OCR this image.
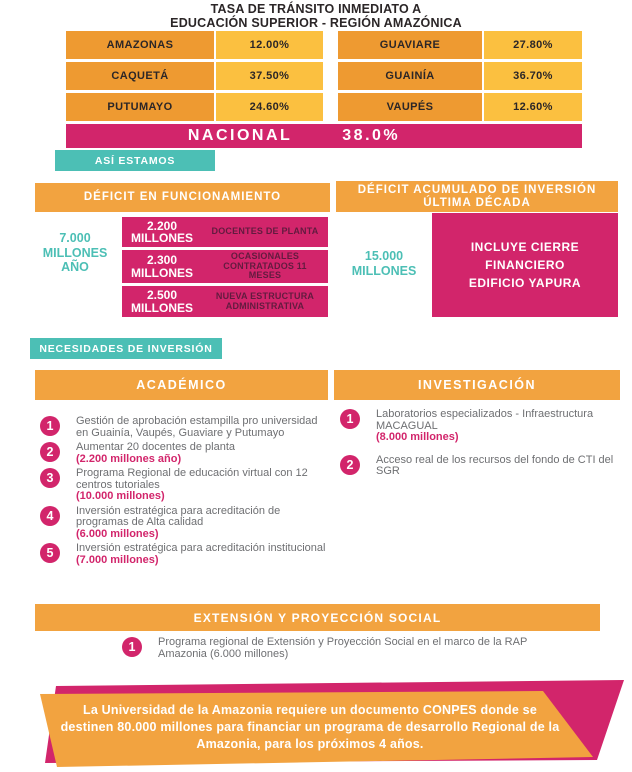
TASA DE TRÁNSITO INMEDIATO A
EDUCACIÓN SUPERIOR - REGIÓN AMAZÓNICA
AMAZONAS	12.00%
CAQUETÁ	37.50%
PUTUMAYO	24.60%
GUAVIARE	27.80%
GUAINÍA	36.70%
VAUPÉS	12.60%
NACIONAL	38.0%
ASÍ ESTAMOS
DÉFICIT EN FUNCIONAMIENTO
7.000
MILLONES
AÑO
2.200 MILLONES	DOCENTES DE PLANTA
2.300 MILLONES
OCASIONALES CONTRATADOS 11 MESES
2.500 MILLONES
NUEVA ESTRUCTURA ADMINISTRATIVA
DÉFICIT ACUMULADO DE INVERSIÓN ÚLTIMA DÉCADA
15.000
MILLONES
INCLUYE CIERRE
FINANCIERO
EDIFICIO YAPURA
NECESIDADES DE INVERSIÓN
ACADÉMICO
1	Gestión de aprobación estampilla pro universidad en Guainía, Vaupés, Guaviare y Putumayo
2	Aumentar 20 docentes de planta
(2.200 millones año)
3	Programa Regional de educación virtual con 12 centros tutoriales
(10.000 millones)
4	Inversión estratégica para acreditación de programas de Alta calidad
(6.000 millones)
5	Inversión estratégica para acreditación institucional
(7.000 millones)
INVESTIGACIÓN
1	Laboratorios especializados - Infraestructura MACAGUAL
(8.000 millones)
2	Acceso real de los recursos del fondo de CTI del SGR
EXTENSIÓN Y PROYECCIÓN SOCIAL
1	Programa regional de Extensión y Proyección Social en el marco de la RAP Amazonia (6.000 millones)
La Universidad de la Amazonia requiere un documento CONPES donde se destinen 80.000 millones para financiar un programa de desarrollo Regional de la Amazonia, para los próximos 4 años.
